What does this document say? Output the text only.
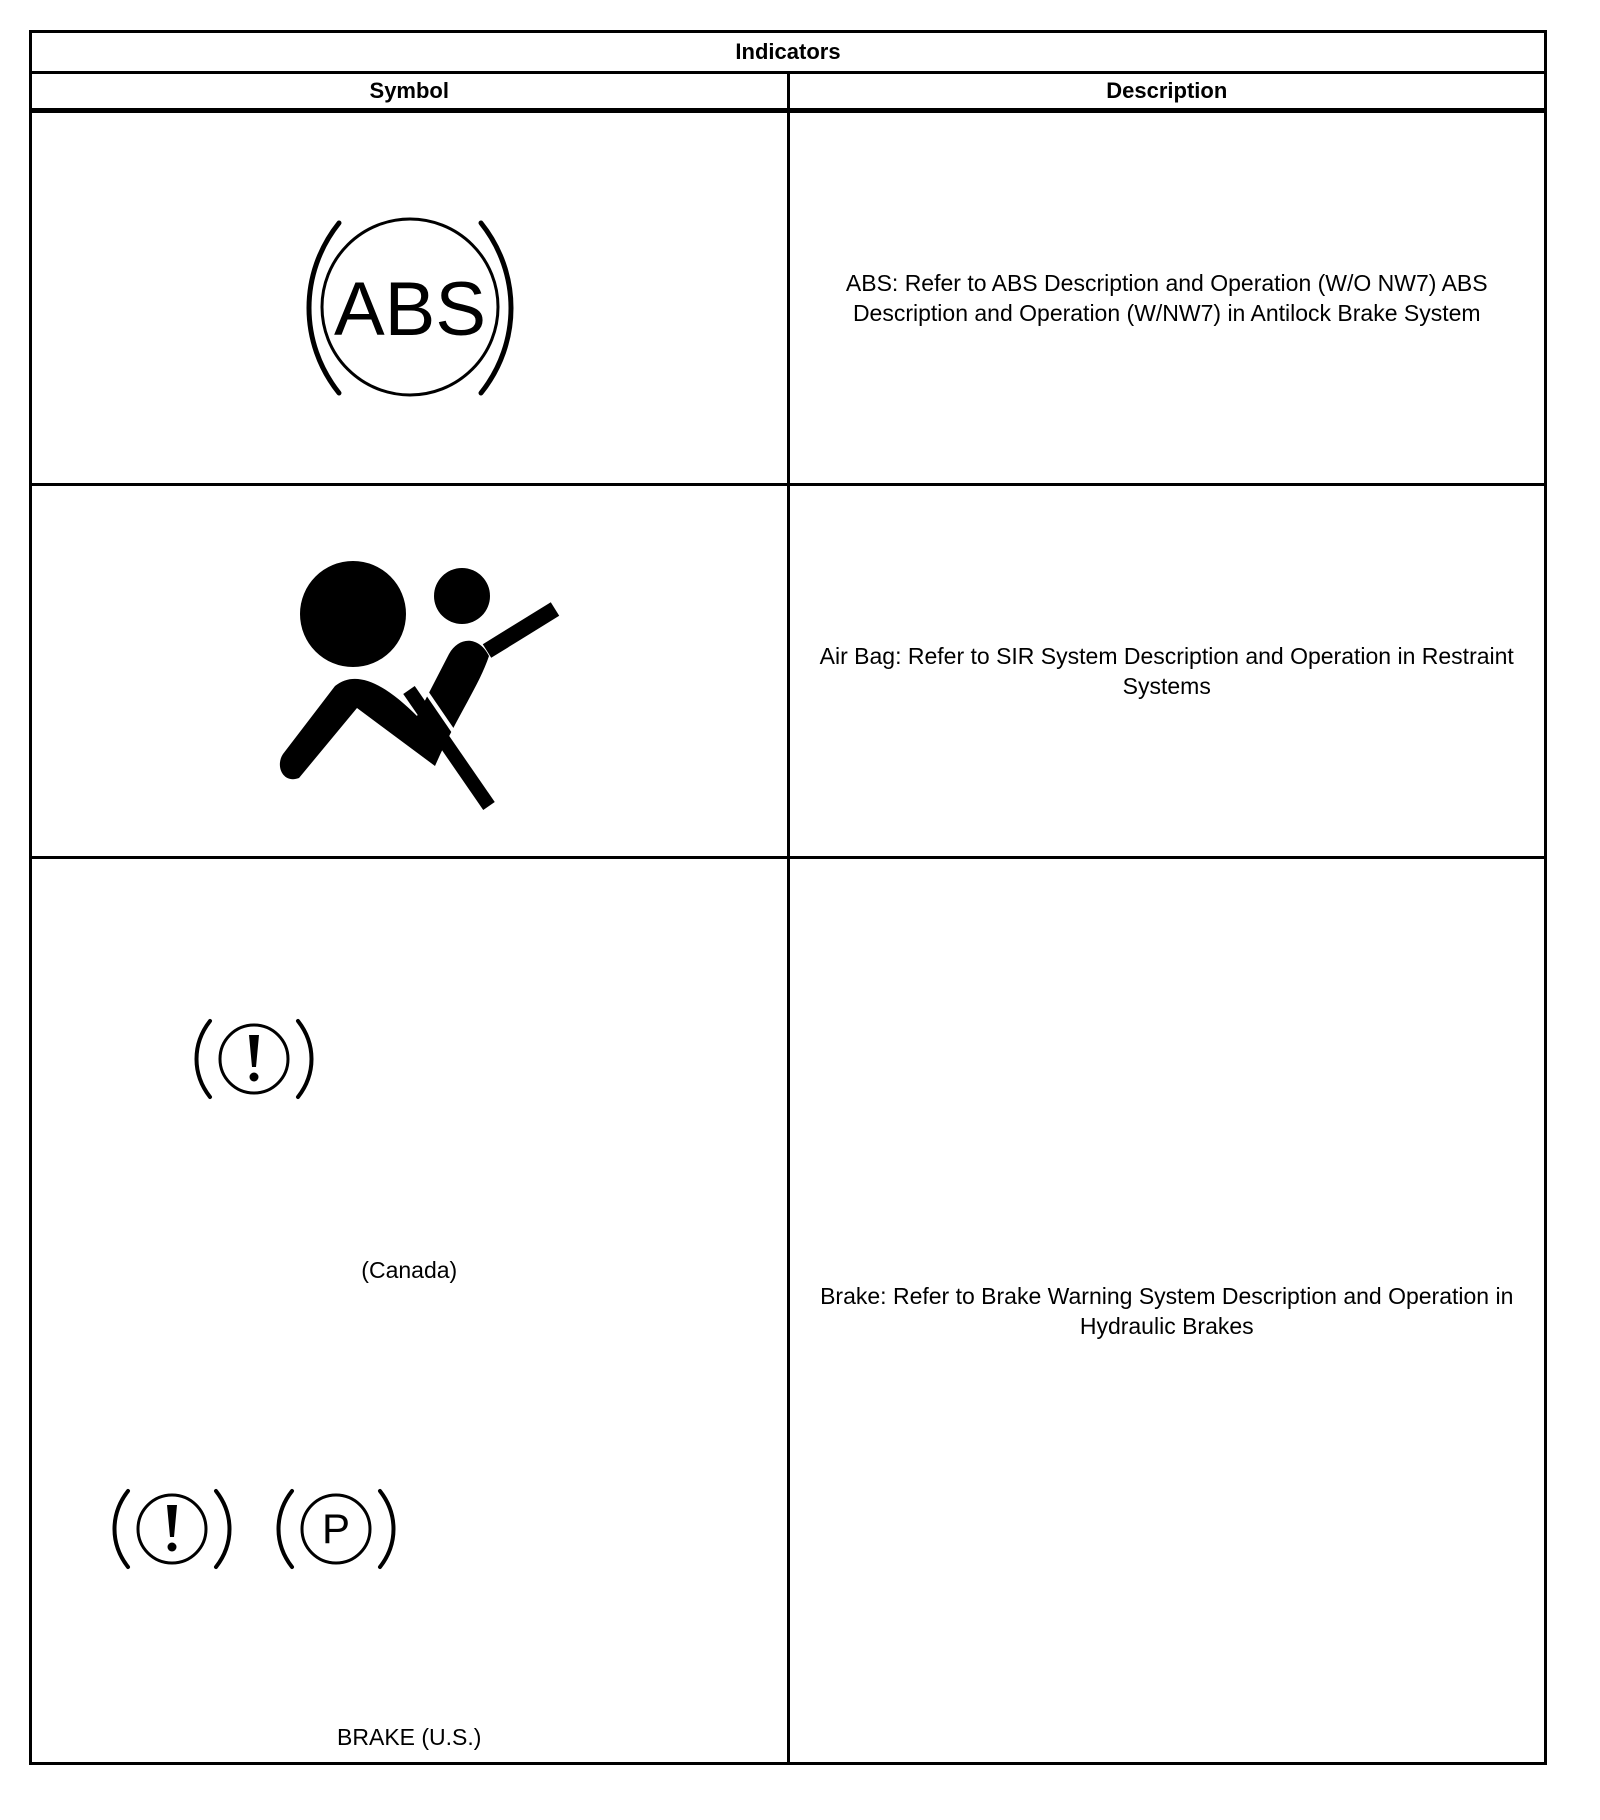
Indicators	
Symbol	Description

ABS	ABS: Refer to ABS Description and Operation (W/O NW7) ABS Description and Operation (W/NW7) in Antilock Brake System

	Air Bag: Refer to SIR System Description and Operation in Restraint Systems

(Canada)
P
BRAKE (U.S.)	Brake: Refer to Brake Warning System Description and Operation in Hydraulic Brakes
